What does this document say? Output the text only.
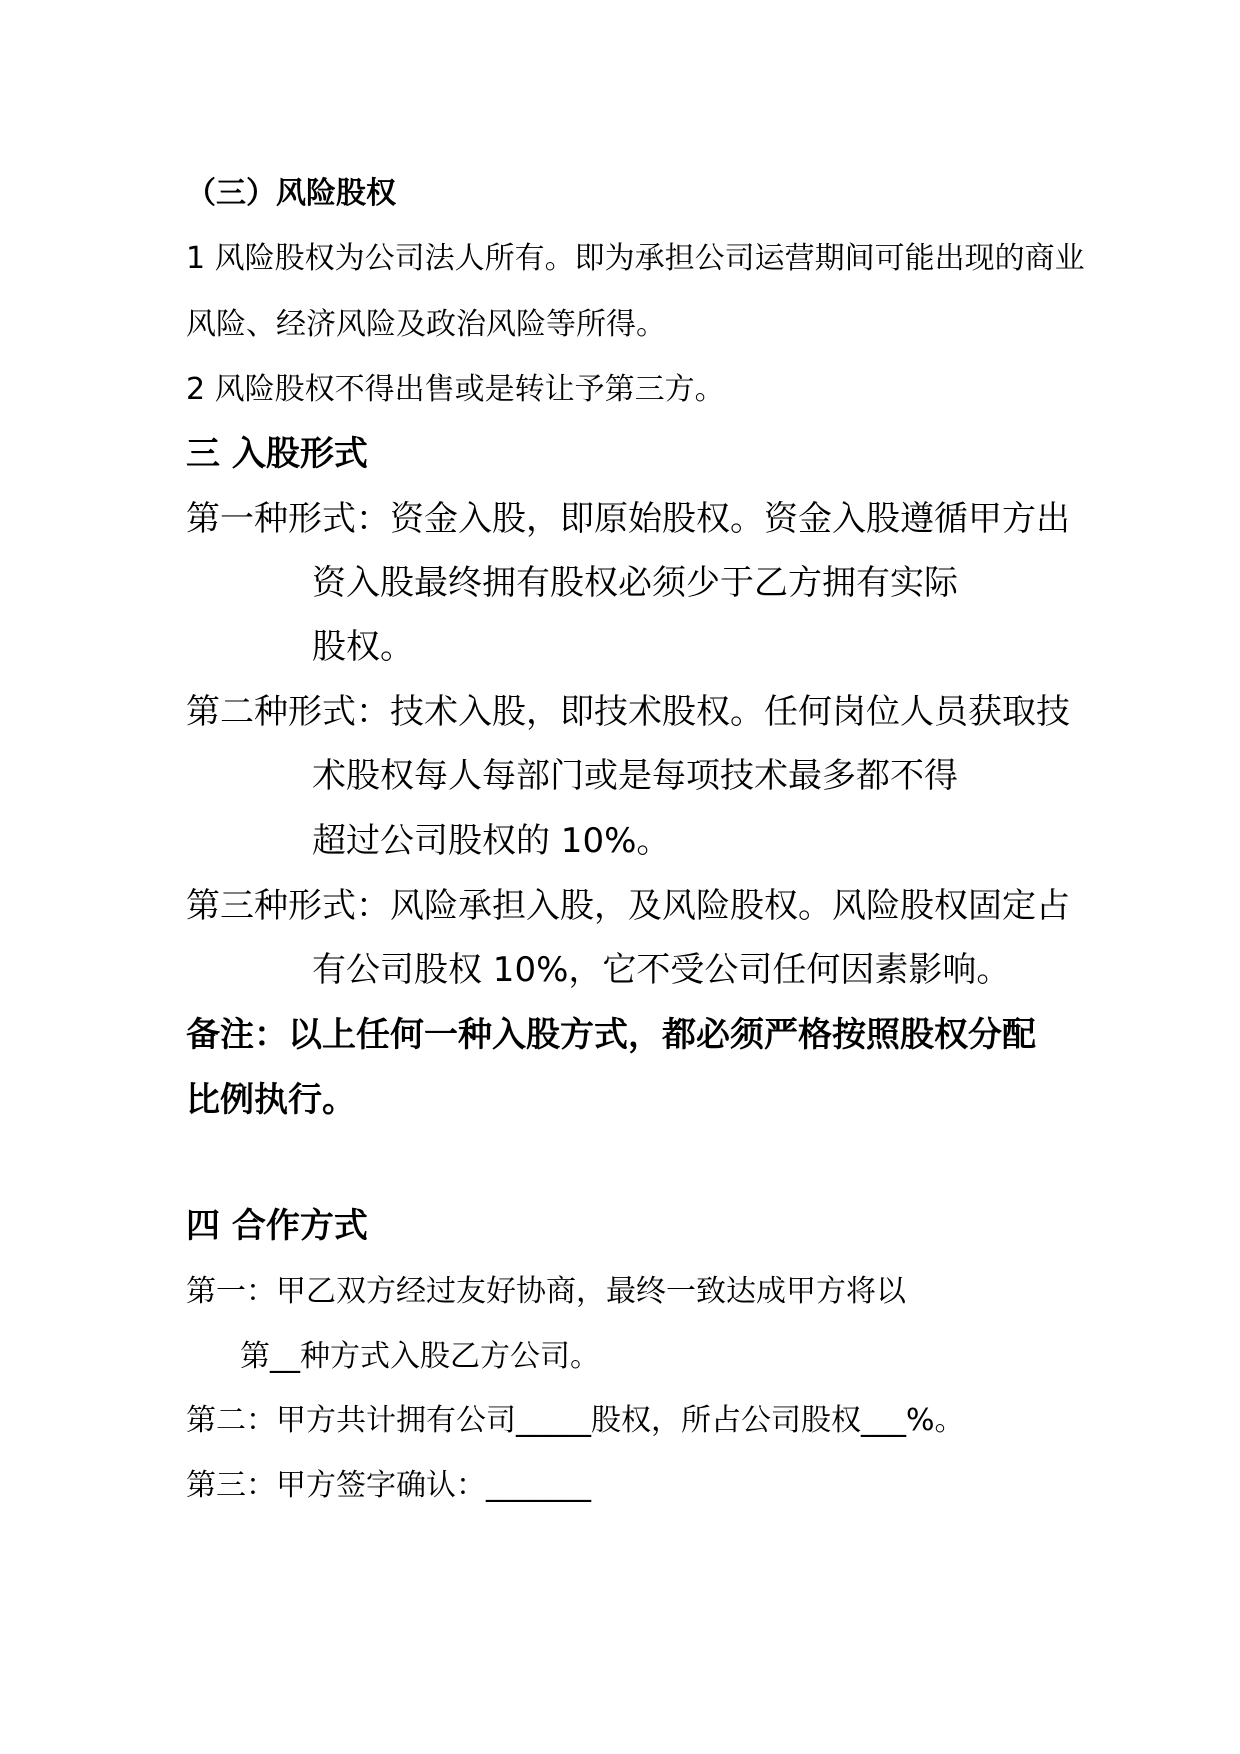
（三）风险股权
1 风险股权为公司法人所有。即为承担公司运营期间可能出现的商业
风险、经济风险及政治风险等所得。
2 风险股权不得出售或是转让予第三方。
三 入股形式
第一种形式：资金入股，即原始股权。资金入股遵循甲方出
资入股最终拥有股权必须少于乙方拥有实际
股权。
第二种形式：技术入股，即技术股权。任何岗位人员获取技
术股权每人每部门或是每项技术最多都不得
超过公司股权的 10%。
第三种形式：风险承担入股，及风险股权。风险股权固定占
有公司股权 10%，它不受公司任何因素影响。
备注：以上任何一种入股方式，都必须严格按照股权分配
比例执行。
四 合作方式
第一：甲乙双方经过友好协商，最终一致达成甲方将以
第__种方式入股乙方公司。
第二：甲方共计拥有公司_____股权，所占公司股权___%。
第三：甲方签字确认：_______
